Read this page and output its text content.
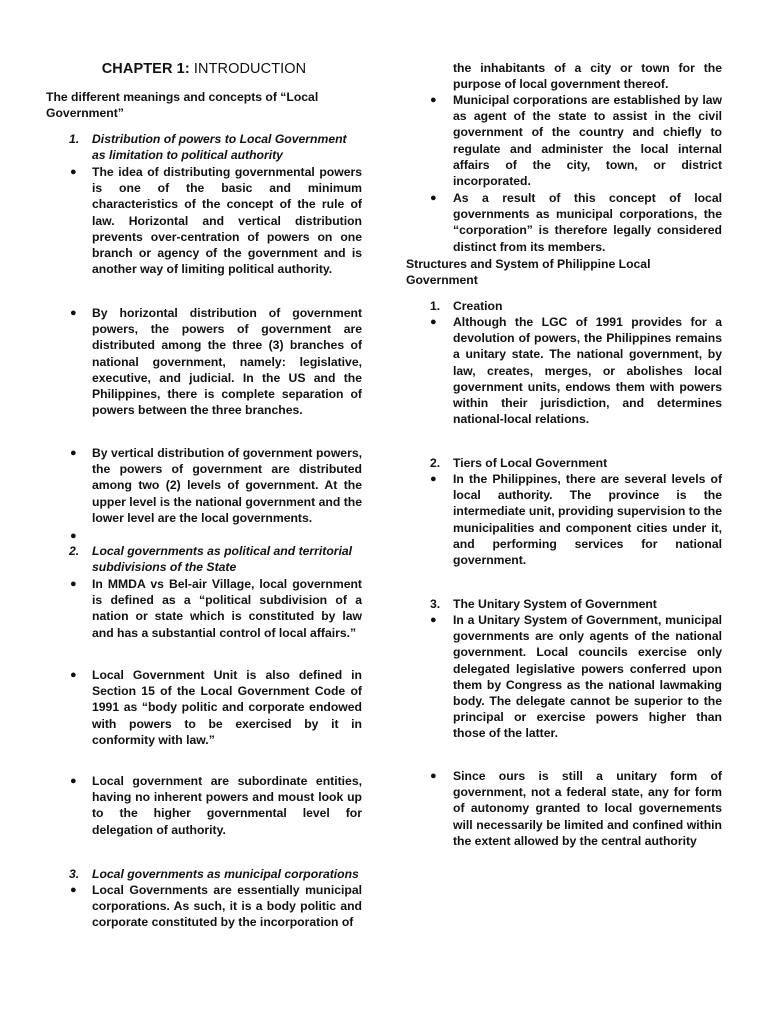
CHAPTER 1: INTRODUCTION
The different meanings and concepts of “Local Government”
1.	Distribution of powers to Local Government as limitation to political authority
●	The idea of distributing governmental powers is one of the basic and minimum characteristics of the concept of the rule of law. Horizontal and vertical distribution prevents over-centration of powers on one branch or agency of the government and is another way of limiting political authority.
●	By horizontal distribution of government powers, the powers of government are distributed among the three (3) branches of national government, namely: legislative, executive, and judicial. In the US and the Philippines, there is complete separation of powers between the three branches.
●	By vertical distribution of government powers, the powers of government are distributed among two (2) levels of government. At the upper level is the national government and the lower level are the local governments.
●
2.	Local governments as political and territorial subdivisions of the State
●	In MMDA vs Bel-air Village, local government is defined as a “political subdivision of a nation or state which is constituted by law and has a substantial control of local affairs.”
●	Local Government Unit is also defined in Section 15 of the Local Government Code of 1991 as “body politic and corporate endowed with powers to be exercised by it in conformity with law.”
●	Local government are subordinate entities, having no inherent powers and moust look up to the higher governmental level for delegation of authority.
3.	Local governments as municipal corporations
●	Local Governments are essentially municipal corporations. As such, it is a body politic and corporate constituted by the incorporation of
the inhabitants of a city or town for the purpose of local government thereof.
●	Municipal corporations are established by law as agent of the state to assist in the civil government of the country and chiefly to regulate and administer the local internal affairs of the city, town, or district incorporated.
●	As a result of this concept of local governments as municipal corporations, the “corporation” is therefore legally considered distinct from its members.
Structures and System of Philippine Local Government
1.	Creation
●	Although the LGC of 1991 provides for a devolution of powers, the Philippines remains a unitary state. The national government, by law, creates, merges, or abolishes local government units, endows them with powers within their jurisdiction, and determines national-local relations.
2.	Tiers of Local Government
●	In the Philippines, there are several levels of local authority. The province is the intermediate unit, providing supervision to the municipalities and component cities under it, and performing services for national government.
3.	The Unitary System of Government
●	In a Unitary System of Government, municipal governments are only agents of the national government. Local councils exercise only delegated legislative powers conferred upon them by Congress as the national lawmaking body. The delegate cannot be superior to the principal or exercise powers higher than those of the latter.
●	Since ours is still a unitary form of government, not a federal state, any for form of autonomy granted to local governements will necessarily be limited and confined within the extent allowed by the central authority
